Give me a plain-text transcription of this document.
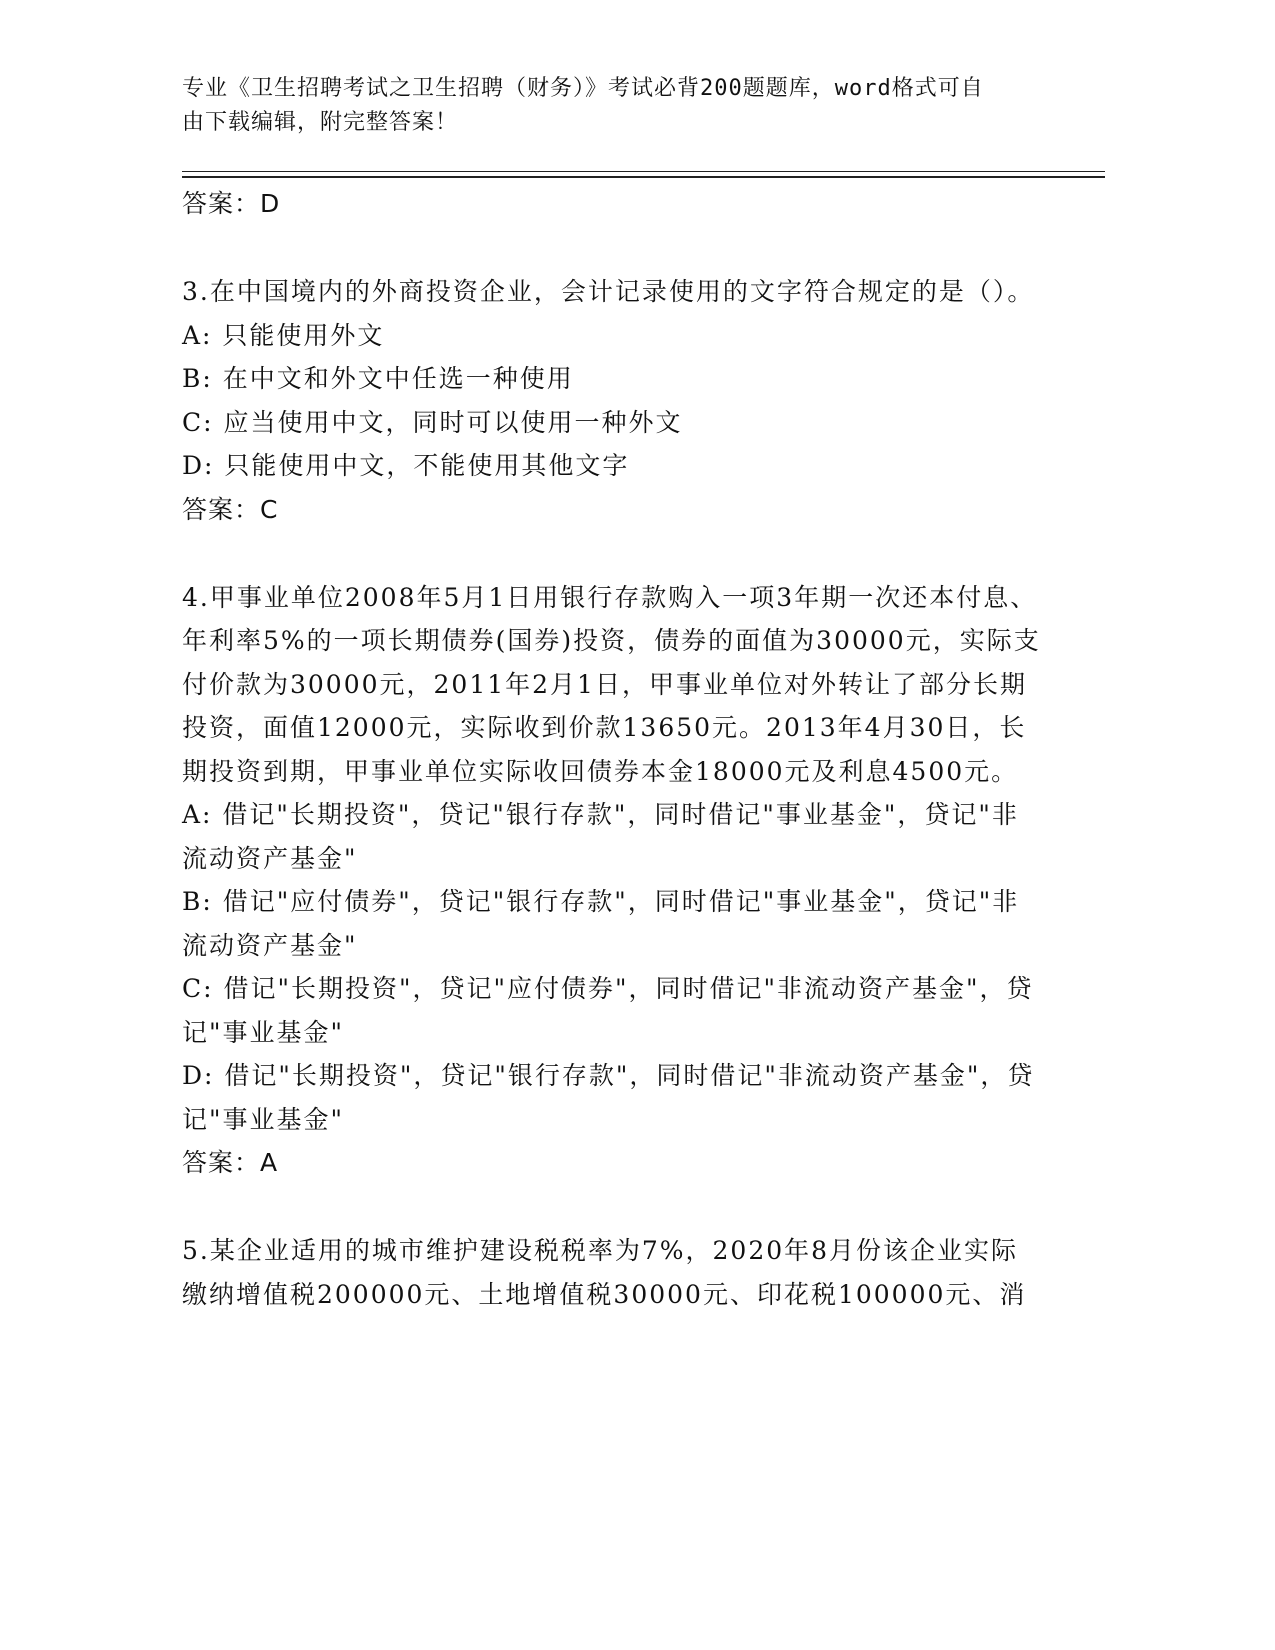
专业《卫生招聘考试之卫生招聘（财务）》考试必背200题题库，word格式可自
由下载编辑，附完整答案！

答案：D

3.在中国境内的外商投资企业，会计记录使用的文字符合规定的是（）。

A: 只能使用外文

B: 在中文和外文中任选一种使用

C: 应当使用中文，同时可以使用一种外文

D: 只能使用中文，不能使用其他文字

答案：C

4.甲事业单位2008年5月1日用银行存款购入一项3年期一次还本付息、年利率5%的一项长期债券(国券)投资，债券的面值为30000元，实际支付价款为30000元，2011年2月1日，甲事业单位对外转让了部分长期投资，面值12000元，实际收到价款13650元。2013年4月30日，长期投资到期，甲事业单位实际收回债券本金18000元及利息4500元。

A: 借记"长期投资"，贷记"银行存款"，同时借记"事业基金"，贷记"非流动资产基金"

B: 借记"应付债券"，贷记"银行存款"，同时借记"事业基金"，贷记"非流动资产基金"

C: 借记"长期投资"，贷记"应付债券"，同时借记"非流动资产基金"，贷记"事业基金"

D: 借记"长期投资"，贷记"银行存款"，同时借记"非流动资产基金"，贷记"事业基金"

答案：A

5.某企业适用的城市维护建设税税率为7%，2020年8月份该企业实际缴纳增值税200000元、土地增值税30000元、印花税100000元、消
